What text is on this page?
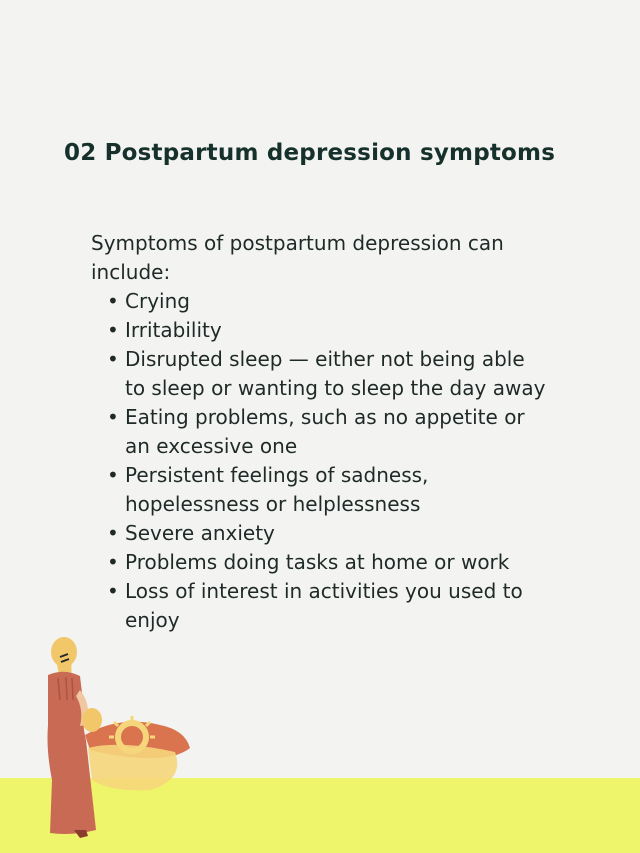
02 Postpartum depression symptoms

Symptoms of postpartum depression can include:

• Crying
• Irritability
• Disrupted sleep — either not being able to sleep or wanting to sleep the day away
• Eating problems, such as no appetite or an excessive one
• Persistent feelings of sadness, hopelessness or helplessness
• Severe anxiety
• Problems doing tasks at home or work
• Loss of interest in activities you used to enjoy
